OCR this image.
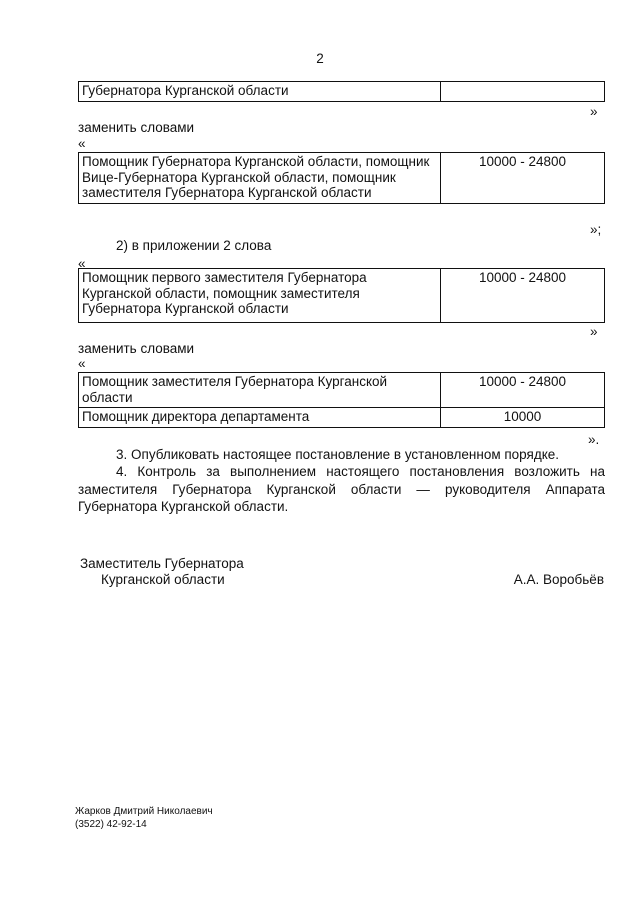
2
Губернатора Курганской области	
»
заменить словами
«
Помощник Губернатора Курганской области, помощник Вице-Губернатора Курганской области, помощник заместителя Губернатора Курганской области	10000 - 24800
»;
2) в приложении 2 слова
«
Помощник первого заместителя Губернатора Курганской области, помощник заместителя Губернатора Курганской области	10000 - 24800
»
заменить словами
«
Помощник заместителя Губернатора Курганской области	10000 - 24800
Помощник директора департамента	10000
».
3. Опубликовать настоящее постановление в установленном порядке.
4. Контроль за выполнением настоящего постановления возложить на заместителя Губернатора Курганской области — руководителя Аппарата Губернатора Курганской области.
Заместитель Губернатора
Курганской области	А.А. Воробьёв
Жарков Дмитрий Николаевич
(3522) 42-92-14
